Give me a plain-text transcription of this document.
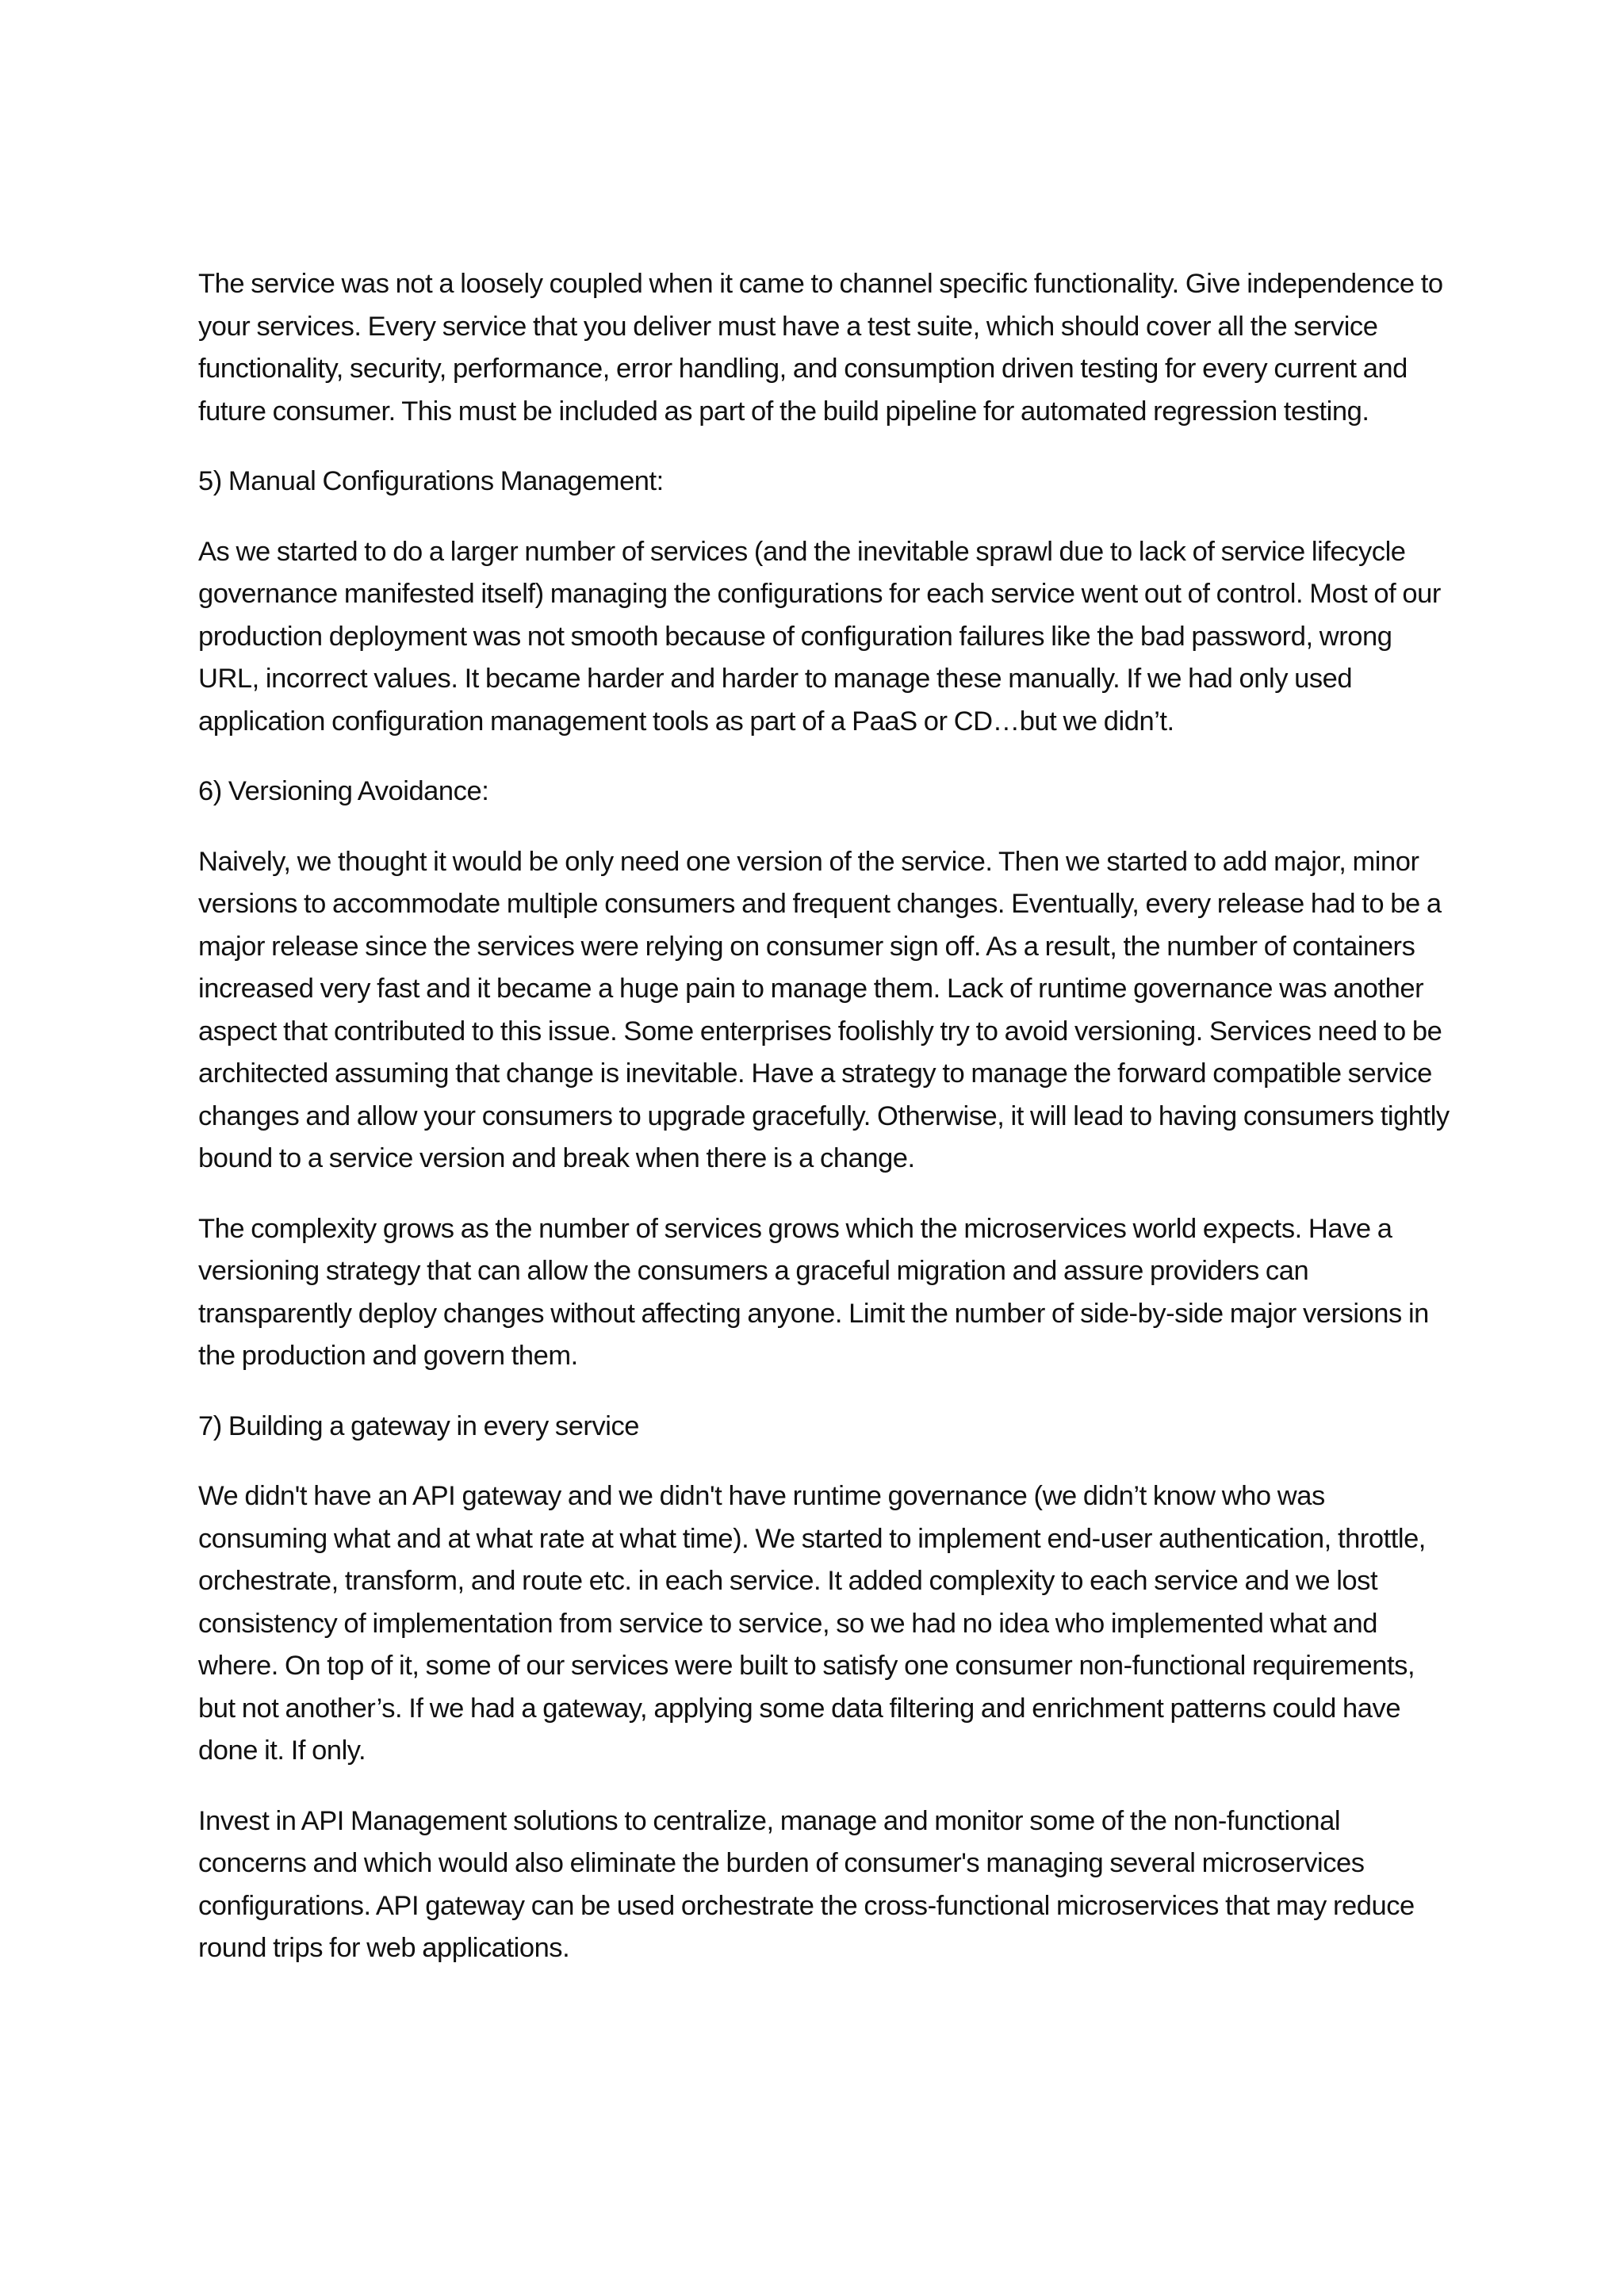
The service was not a loosely coupled when it came to channel specific functionality. Give independence to your services. Every service that you deliver must have a test suite, which should cover all the service functionality, security, performance, error handling, and consumption driven testing for every current and future consumer. This must be included as part of the build pipeline for automated regression testing.

5) Manual Configurations Management:

As we started to do a larger number of services (and the inevitable sprawl due to lack of service lifecycle governance manifested itself) managing the configurations for each service went out of control. Most of our production deployment was not smooth because of configuration failures like the bad password, wrong URL, incorrect values. It became harder and harder to manage these manually. If we had only used application configuration management tools as part of a PaaS or CD…but we didn’t.

6) Versioning Avoidance:

Naively, we thought it would be only need one version of the service. Then we started to add major, minor versions to accommodate multiple consumers and frequent changes. Eventually, every release had to be a major release since the services were relying on consumer sign off. As a result, the number of containers increased very fast and it became a huge pain to manage them. Lack of runtime governance was another aspect that contributed to this issue. Some enterprises foolishly try to avoid versioning. Services need to be architected assuming that change is inevitable. Have a strategy to manage the forward compatible service changes and allow your consumers to upgrade gracefully. Otherwise, it will lead to having consumers tightly bound to a service version and break when there is a change.

The complexity grows as the number of services grows which the microservices world expects. Have a versioning strategy that can allow the consumers a graceful migration and assure providers can transparently deploy changes without affecting anyone. Limit the number of side-by-side major versions in the production and govern them.

7) Building a gateway in every service

We didn't have an API gateway and we didn't have runtime governance (we didn’t know who was consuming what and at what rate at what time). We started to implement end-user authentication, throttle, orchestrate, transform, and route etc. in each service. It added complexity to each service and we lost consistency of implementation from service to service, so we had no idea who implemented what and where. On top of it, some of our services were built to satisfy one consumer non-functional requirements, but not another’s. If we had a gateway, applying some data filtering and enrichment patterns could have done it. If only.

Invest in API Management solutions to centralize, manage and monitor some of the non-functional concerns and which would also eliminate the burden of consumer's managing several microservices configurations. API gateway can be used orchestrate the cross-functional microservices that may reduce round trips for web applications.
